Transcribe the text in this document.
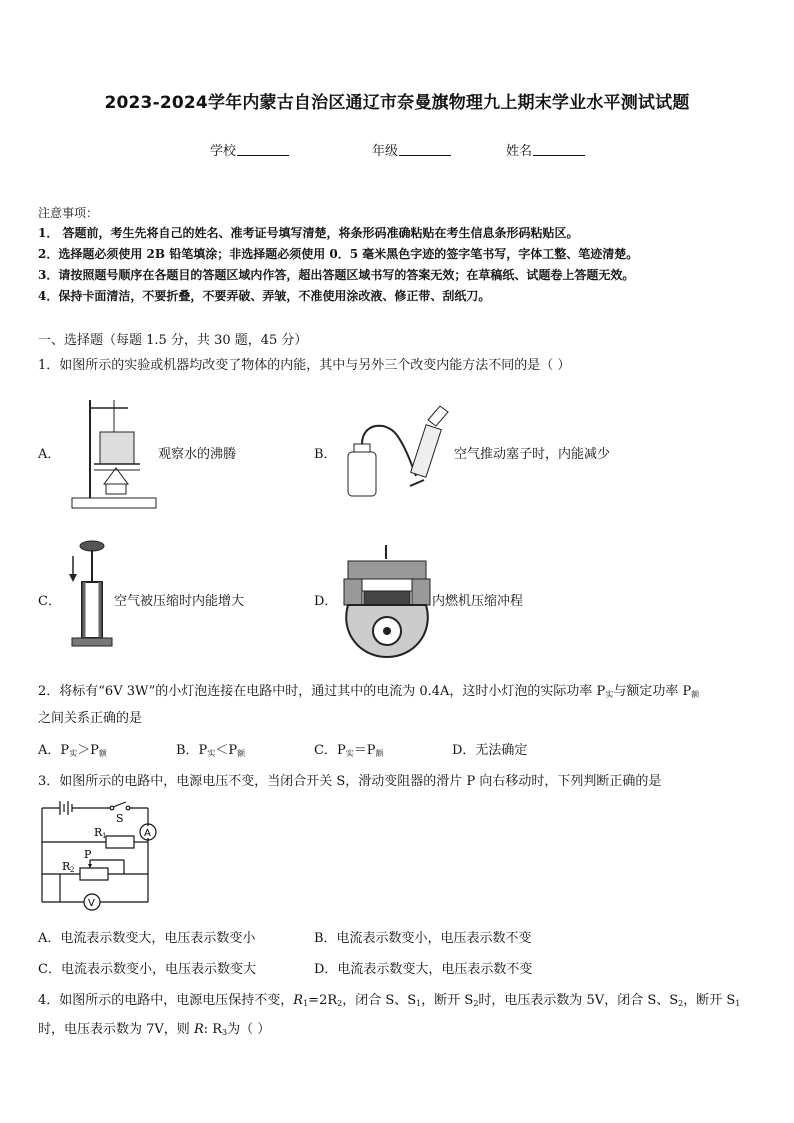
2023-2024学年内蒙古自治区通辽市奈曼旗物理九上期末学业水平测试试题
学校	年级	姓名
注意事项：
1． 答题前，考生先将自己的姓名、准考证号填写清楚，将条形码准确粘贴在考生信息条形码粘贴区。
2．选择题必须使用 2B 铅笔填涂；非选择题必须使用 0．5 毫米黑色字迹的签字笔书写，字体工整、笔迹清楚。
3．请按照题号顺序在各题目的答题区域内作答，超出答题区域书写的答案无效；在草稿纸、试题卷上答题无效。
4．保持卡面清洁，不要折叠，不要弄破、弄皱，不准使用涂改液、修正带、刮纸刀。
一、选择题（每题 1.5 分，共 30 题，45 分）
1．如图所示的实验或机器均改变了物体的内能，其中与另外三个改变内能方法不同的是（ ）
A．	观察水的沸腾	B．	空气推动塞子时，内能减少
C．	空气被压缩时内能增大	D．	内燃机压缩冲程
2．将标有“6V 3W”的小灯泡连接在电路中时，通过其中的电流为 0.4A，这时小灯泡的实际功率 $P_实$与额定功率 $P_额$
之间关系正确的是
A．$P_实>P_额$	B．$P_实<P_额$	C．$P_实=P_额$	D．无法确定
3．如图所示的电路中，电源电压不变，当闭合开关 S，滑动变阻器的滑片 P 向右移动时，下列判断正确的是
S
R 1	A
R 2
P
V
A．电流表示数变大，电压表示数变小	B．电流表示数变小，电压表示数不变
C．电流表示数变小，电压表示数变大	D．电流表示数变大，电压表示数不变
4．如图所示的电路中，电源电压保持不变，$R_1=2R_2$，闭合 S、$S_1$，断开 $S_2$时，电压表示数为 5V，闭合 S、$S_2$，断开 $S_1$
时，电压表示数为 7V，则 R: $R_3$为（ ）
